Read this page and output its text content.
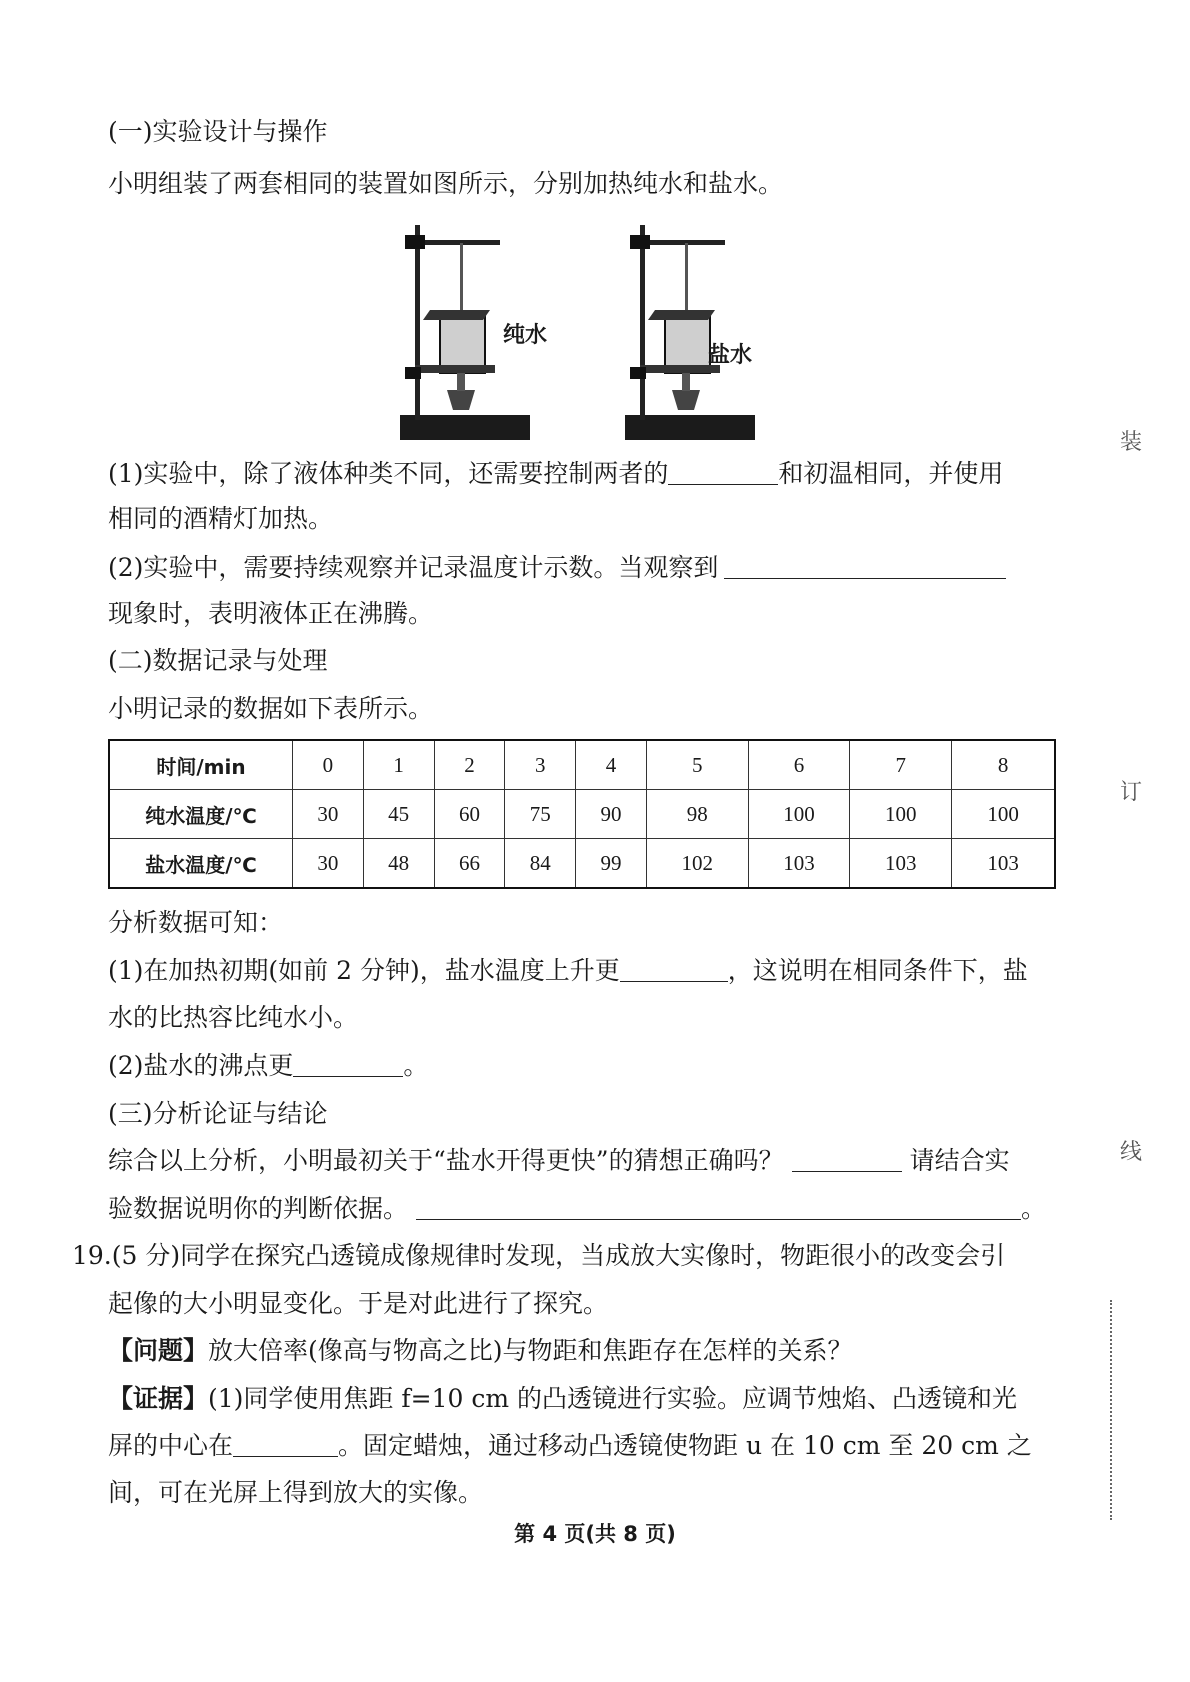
(一)实验设计与操作
小明组装了两套相同的装置如图所示，分别加热纯水和盐水。
纯水
盐水
(1)实验中，除了液体种类不同，还需要控制两者的	和初温相同，并使用
相同的酒精灯加热。
(2)实验中，需要持续观察并记录温度计示数。当观察到
现象时，表明液体正在沸腾。
(二)数据记录与处理
小明记录的数据如下表所示。
时间/min	0	1	2	3	4	5	6	7	8
纯水温度/℃	30	45	60	75	90	98	100	100	100
盐水温度/℃	30	48	66	84	99	102	103	103	103
分析数据可知：
(1)在加热初期(如前 2 分钟)，盐水温度上升更	，这说明在相同条件下，盐
水的比热容比纯水小。
(2)盐水的沸点更	。
(三)分析论证与结论
综合以上分析，小明最初关于“盐水开得更快”的猜想正确吗？	请结合实
验数据说明你的判断依据。	。
19.(5 分)同学在探究凸透镜成像规律时发现，当成放大实像时，物距很小的改变会引
起像的大小明显变化。于是对此进行了探究。
【问题】放大倍率(像高与物高之比)与物距和焦距存在怎样的关系？
【证据】(1)同学使用焦距 f=10 cm 的凸透镜进行实验。应调节烛焰、凸透镜和光
屏的中心在	。固定蜡烛，通过移动凸透镜使物距 u 在 10 cm 至 20 cm 之
间，可在光屏上得到放大的实像。
第 4 页(共 8 页)
装
订
线
